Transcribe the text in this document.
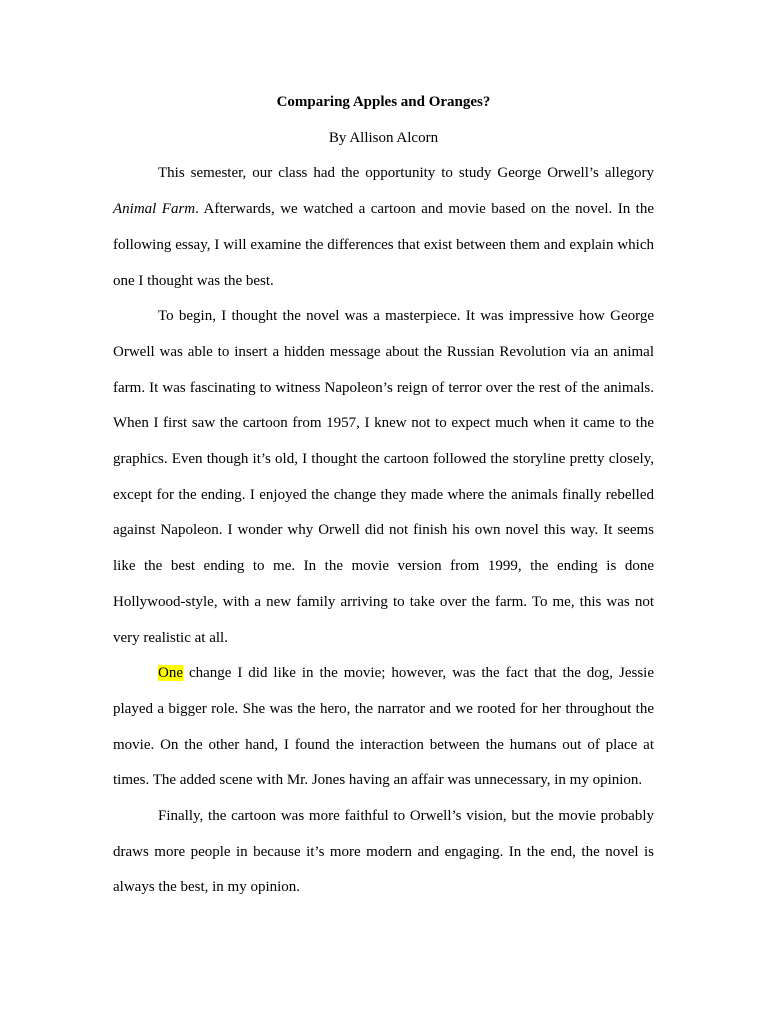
Comparing Apples and Oranges?

By Allison Alcorn

This semester, our class had the opportunity to study George Orwell’s allegory Animal Farm. Afterwards, we watched a cartoon and movie based on the novel. In the following essay, I will examine the differences that exist between them and explain which one I thought was the best.

To begin, I thought the novel was a masterpiece. It was impressive how George Orwell was able to insert a hidden message about the Russian Revolution via an animal farm. It was fascinating to witness Napoleon’s reign of terror over the rest of the animals. When I first saw the cartoon from 1957, I knew not to expect much when it came to the graphics. Even though it’s old, I thought the cartoon followed the storyline pretty closely, except for the ending. I enjoyed the change they made where the animals finally rebelled against Napoleon. I wonder why Orwell did not finish his own novel this way. It seems like the best ending to me. In the movie version from 1999, the ending is done Hollywood-style, with a new family arriving to take over the farm. To me, this was not very realistic at all.

One change I did like in the movie; however, was the fact that the dog, Jessie played a bigger role. She was the hero, the narrator and we rooted for her throughout the movie. On the other hand, I found the interaction between the humans out of place at times. The added scene with Mr. Jones having an affair was unnecessary, in my opinion.

Finally, the cartoon was more faithful to Orwell’s vision, but the movie probably draws more people in because it’s more modern and engaging. In the end, the novel is always the best, in my opinion.
